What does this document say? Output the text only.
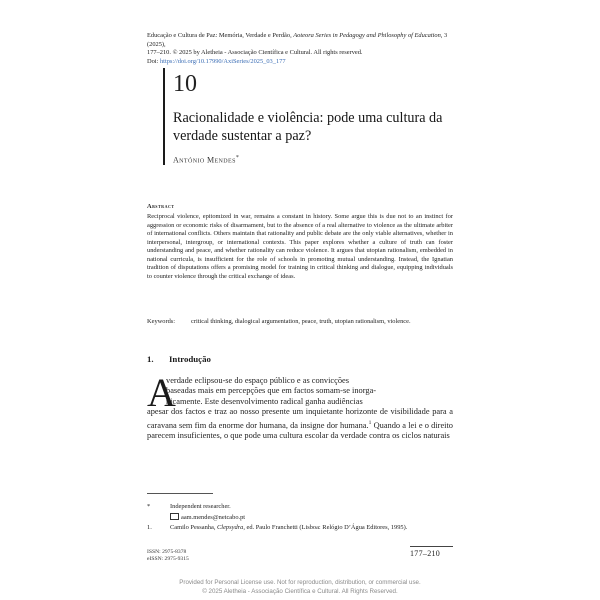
Educação e Cultura de Paz: Memória, Verdade e Perdão, Aoteora Series in Pedagogy and Philosophy of Education, 3 (2025),
177–210. © 2025 by Aletheia - Associação Científica e Cultural. All rights reserved.
Doi: https://doi.org/10.17990/AxiSeries/2025_03_177
10
Racionalidade e violência: pode uma cultura da verdade sustentar a paz?
António Mendes*
Abstract
Reciprocal violence, epitomized in war, remains a constant in history. Some argue this is due not to an instinct for aggression or economic risks of disarmament, but to the absence of a real alternative to violence as the ultimate arbiter of international conflicts. Others maintain that rationality and public debate are the only viable alternatives, whether in interpersonal, intergroup, or international contexts. This paper explores whether a culture of truth can foster understanding and peace, and whether rationality can reduce violence. It argues that utopian rationalism, embedded in national curricula, is insufficient for the role of schools in promoting mutual understanding. Instead, the Ignatian tradition of disputations offers a promising model for training in critical thinking and dialogue, equipping individuals to counter violence through the critical exchange of ideas.
Keywords: critical thinking, dialogical argumentation, peace, truth, utopian rationalism, violence.
1. Introdução
A
verdade eclipsou-se do espaço público e as convicções
baseadas mais em percepções que em factos somam-se inorga-
nicamente. Este desenvolvimento radical ganha audiências

apesar dos factos e traz ao nosso presente um inquietante horizonte de visibilidade para a caravana sem fim da enorme dor humana, da insigne dor humana.$^1$ Quando a lei e o direito parecem insuficientes, o que pode uma cultura escolar da verdade contra os ciclos naturais

*	Independent researcher.
aam.mendes@netcabo.pt
1.	Camilo Pessanha, Clepsydra, ed. Paulo Franchetti (Lisboa: Relógio D’Água Editores, 1995).
ISSN: 2975-8378
eISSN: 2975-9315
177–210
Provided for Personal License use. Not for reproduction, distribution, or commercial use.
© 2025 Aletheia - Associação Científica e Cultural. All Rights Reserved.
